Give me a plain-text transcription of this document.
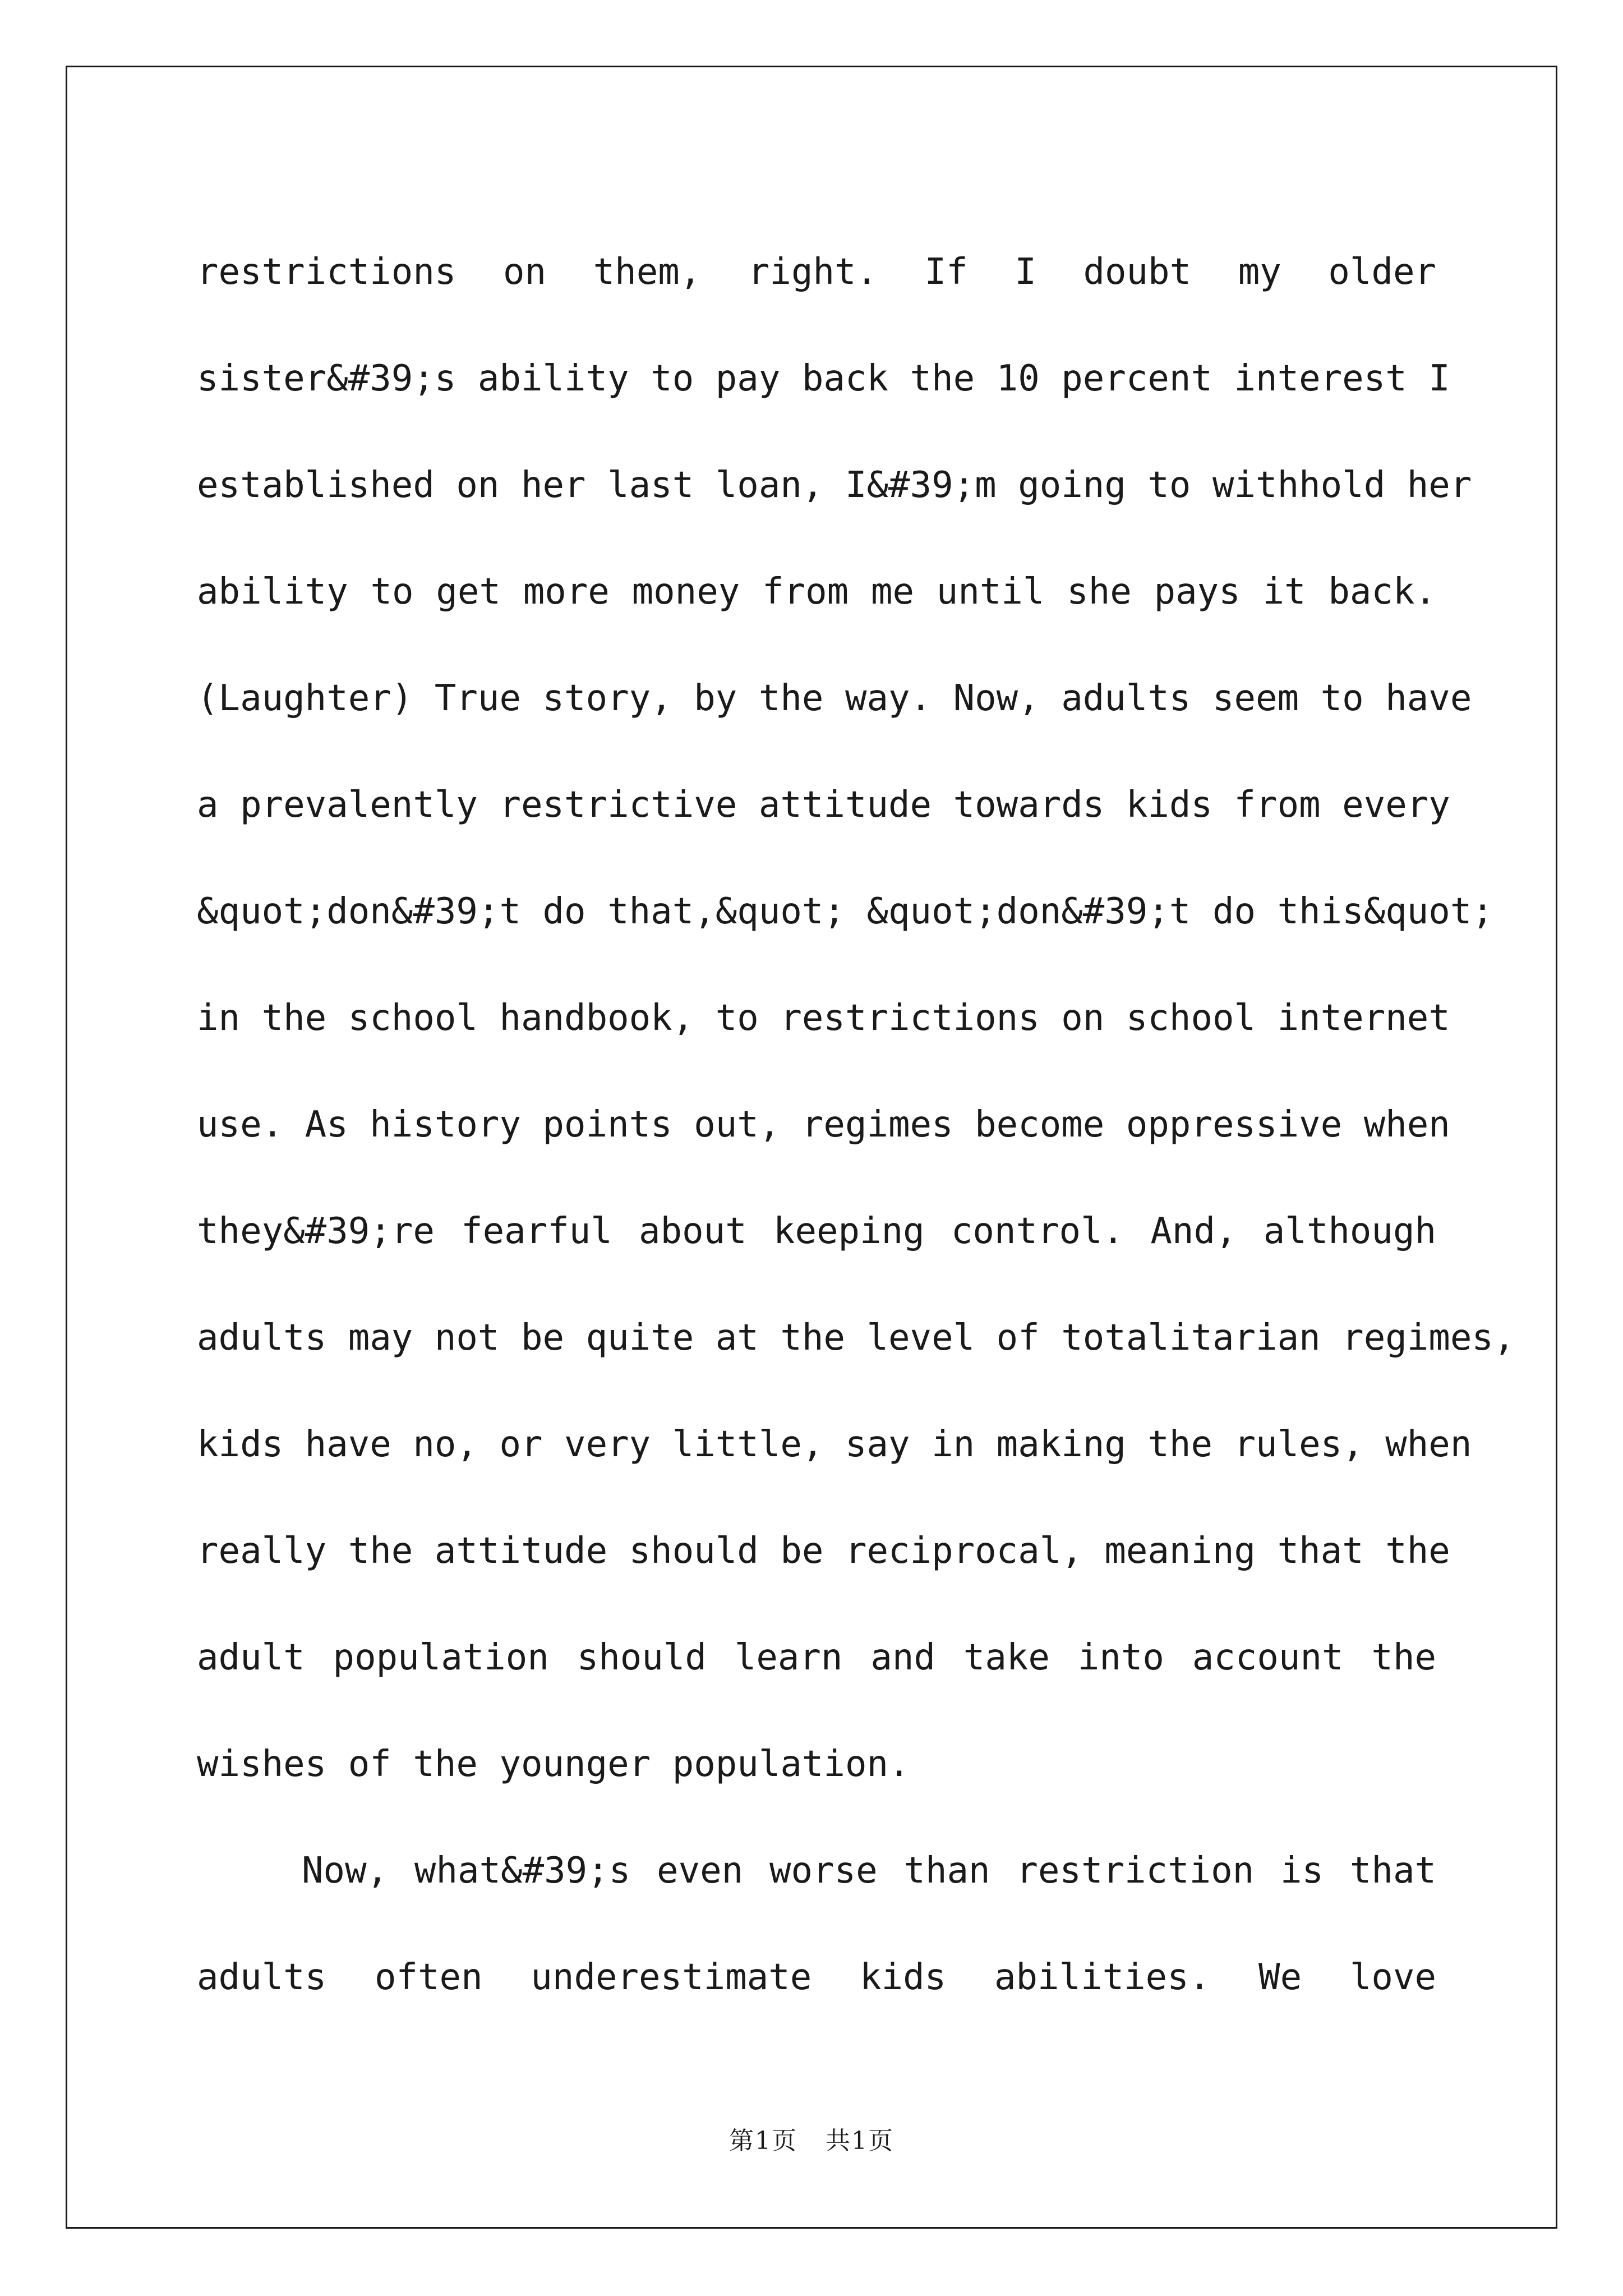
restrictions on them, right. If I doubt my older
sister&#39;s ability to pay back the 10 percent interest I
established on her last loan, I&#39;m going to withhold her
ability to get more money from me until she pays it back.
(Laughter) True story, by the way. Now, adults seem to have
a prevalently restrictive attitude towards kids from every
&quot;don&#39;t do that,&quot; &quot;don&#39;t do this&quot;
in the school handbook, to restrictions on school internet
use. As history points out, regimes become oppressive when
they&#39;re fearful about keeping control. And, although
adults may not be quite at the level of totalitarian regimes,
kids have no, or very little, say in making the rules, when
really the attitude should be reciprocal, meaning that the
adult population should learn and take into account the
wishes of the younger population.
Now, what&#39;s even worse than restriction is that
adults often underestimate kids abilities. We love
第1页 共1页
